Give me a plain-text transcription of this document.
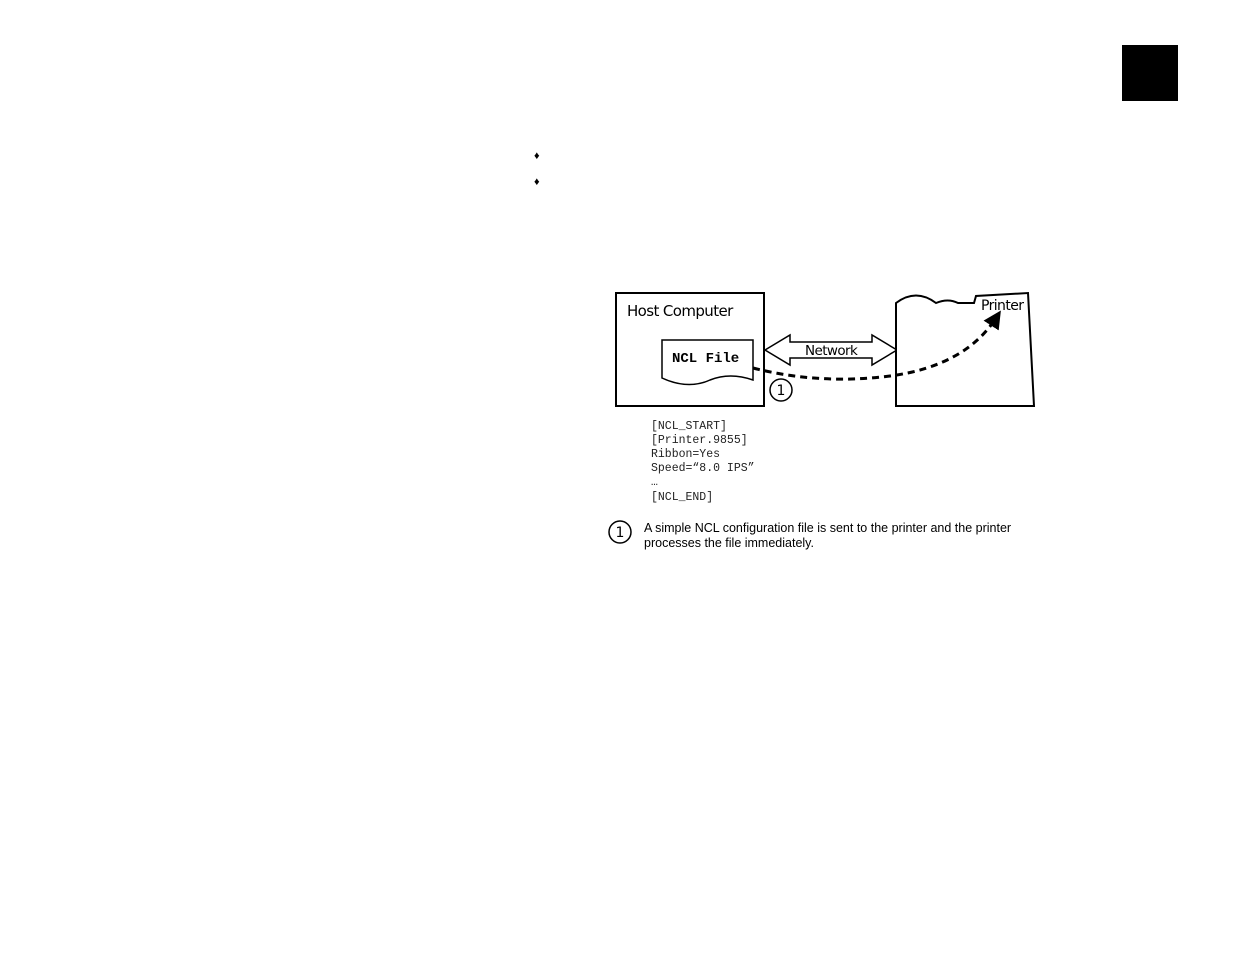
♦
♦
Host Computer
NCL File	Network
Printer
1
[NCL_START]
[Printer.9855]
Ribbon=Yes
Speed=“8.0 IPS”
…
[NCL_END]
1 A simple NCL configuration file is sent to the printer and the printer
processes the file immediately.
